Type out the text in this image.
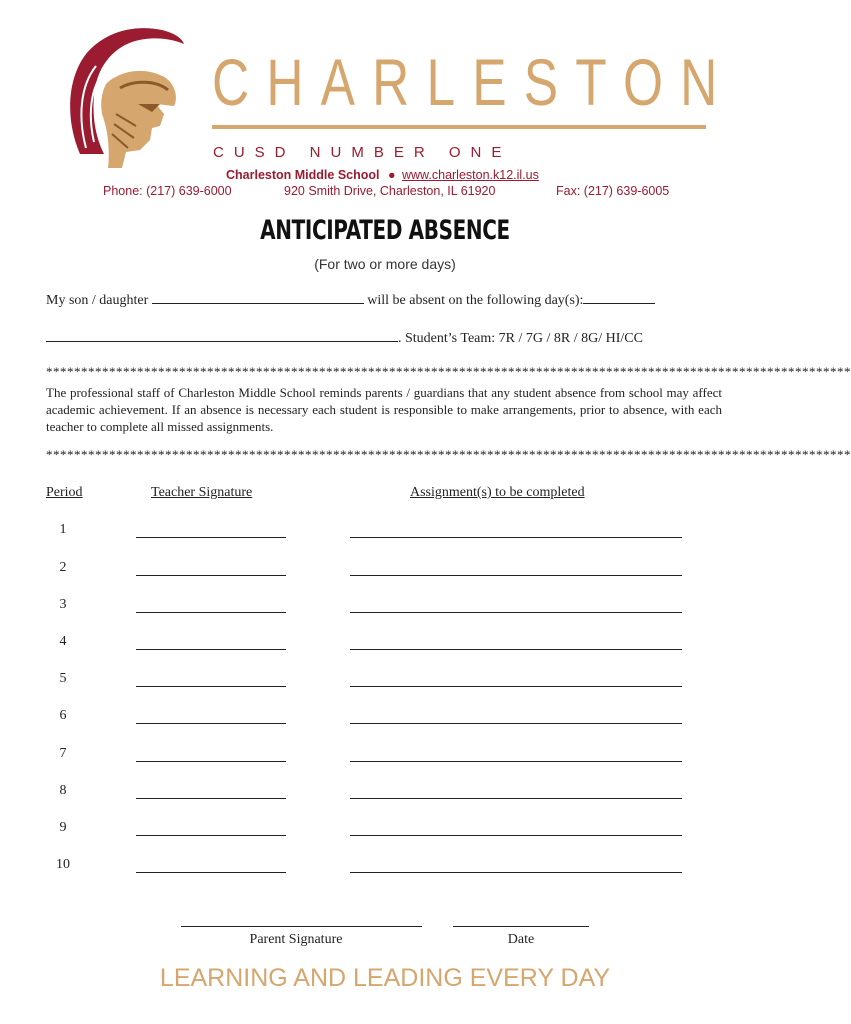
CHARLESTON
CUSD NUMBER ONE
Charleston Middle School ● www.charleston.k12.il.us
Phone: (217) 639-6000	920 Smith Drive, Charleston, IL 61920	Fax: (217) 639-6005
ANTICIPATED ABSENCE
(For two or more days)
My son / daughter	will be absent on the following day(s):
. Student’s Team: 7R / 7G / 8R / 8G/ HI/CC
*******************************************************************************************************************
The professional staff of Charleston Middle School reminds parents / guardians that any student absence from school may affect academic achievement. If an absence is necessary each student is responsible to make arrangements, prior to absence, with each teacher to complete all missed assignments.
*******************************************************************************************************************
Period	Teacher Signature	Assignment(s) to be completed
1
2
3
4
5
6
7
8
9
10
Parent Signature	Date
LEARNING AND LEADING EVERY DAY
